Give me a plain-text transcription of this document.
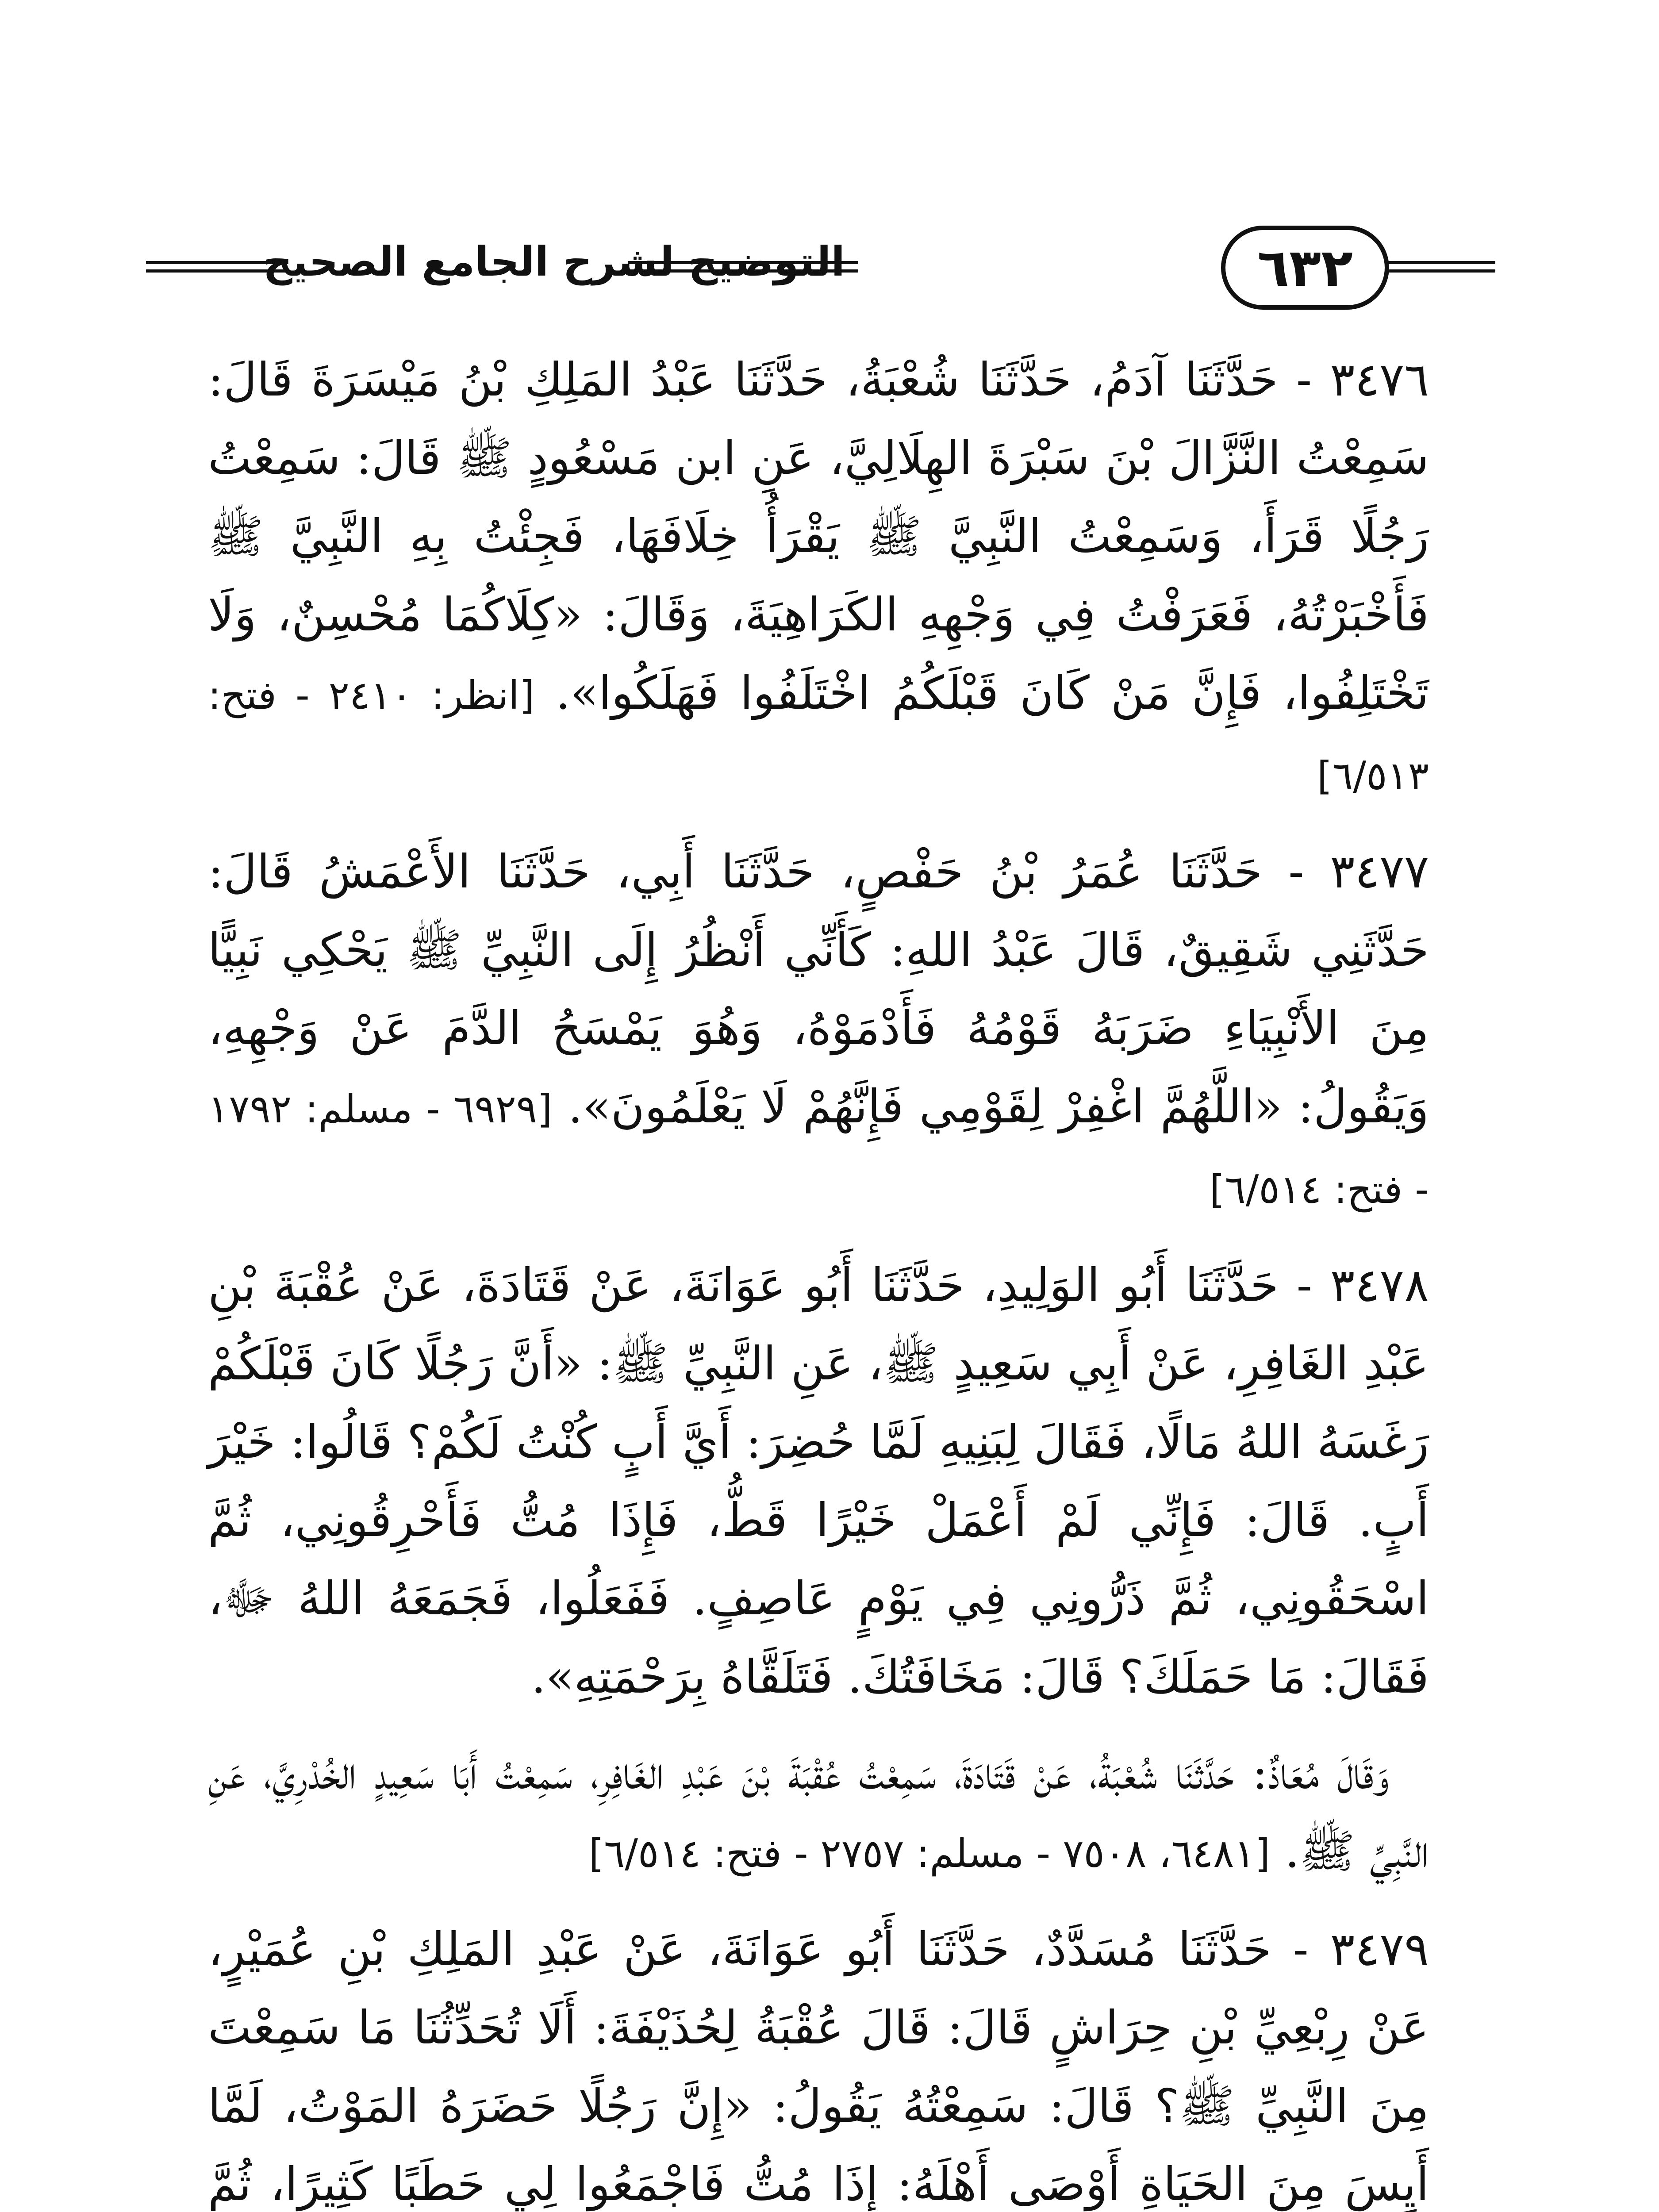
٦٣٢
التوضيح لشرح الجامع الصحيح

٣٤٧٦ - حَدَّثَنَا آدَمُ، حَدَّثَنَا شُعْبَةُ، حَدَّثَنَا عَبْدُ المَلِكِ بْنُ مَيْسَرَةَ قَالَ: سَمِعْتُ النَّزَّالَ بْنَ سَبْرَةَ الهِلَالِيَّ، عَنِ ابن مَسْعُودٍ ﷺ قَالَ: سَمِعْتُ رَجُلًا قَرَأَ، وَسَمِعْتُ النَّبِيَّ ﷺ يَقْرَأُ خِلَافَهَا، فَجِئْتُ بِهِ النَّبِيَّ ﷺ فَأَخْبَرْتُهُ، فَعَرَفْتُ فِي وَجْهِهِ الكَرَاهِيَةَ، وَقَالَ: «كِلَاكُمَا مُحْسِنٌ، وَلَا تَخْتَلِفُوا، فَإِنَّ مَنْ كَانَ قَبْلَكُمُ اخْتَلَفُوا فَهَلَكُوا». [انظر: ٢٤١٠ - فتح: ٦/٥١٣]

٣٤٧٧ - حَدَّثَنَا عُمَرُ بْنُ حَفْصٍ، حَدَّثَنَا أَبِي، حَدَّثَنَا الأَعْمَشُ قَالَ: حَدَّثَنِي شَقِيقٌ، قَالَ عَبْدُ اللهِ: كَأَنِّي أَنْظُرُ إِلَى النَّبِيِّ ﷺ يَحْكِي نَبِيًّا مِنَ الأَنْبِيَاءِ ضَرَبَهُ قَوْمُهُ فَأَدْمَوْهُ، وَهُوَ يَمْسَحُ الدَّمَ عَنْ وَجْهِهِ، وَيَقُولُ: «اللَّهُمَّ اغْفِرْ لِقَوْمِي فَإِنَّهُمْ لَا يَعْلَمُونَ». [٦٩٢٩ - مسلم: ١٧٩٢ - فتح: ٦/٥١٤]

٣٤٧٨ - حَدَّثَنَا أَبُو الوَلِيدِ، حَدَّثَنَا أَبُو عَوَانَةَ، عَنْ قَتَادَةَ، عَنْ عُقْبَةَ بْنِ عَبْدِ الغَافِرِ، عَنْ أَبِي سَعِيدٍ ﷺ، عَنِ النَّبِيِّ ﷺ: «أَنَّ رَجُلًا كَانَ قَبْلَكُمْ رَغَسَهُ اللهُ مَالًا، فَقَالَ لِبَنِيهِ لَمَّا حُضِرَ: أَيَّ أَبٍ كُنْتُ لَكُمْ؟ قَالُوا: خَيْرَ أَبٍ. قَالَ: فَإِنِّي لَمْ أَعْمَلْ خَيْرًا قَطُّ، فَإِذَا مُتُّ فَأَحْرِقُونِي، ثُمَّ اسْحَقُونِي، ثُمَّ ذَرُّونِي فِي يَوْمٍ عَاصِفٍ. فَفَعَلُوا، فَجَمَعَهُ اللهُ ﷻ، فَقَالَ: مَا حَمَلَكَ؟ قَالَ: مَخَافَتُكَ. فَتَلَقَّاهُ بِرَحْمَتِهِ».

وَقَالَ مُعَاذٌ: حَدَّثَنَا شُعْبَةُ، عَنْ قَتَادَةَ، سَمِعْتُ عُقْبَةَ بْنَ عَبْدِ الغَافِرِ، سَمِعْتُ أَبَا سَعِيدٍ الخُدْرِيَّ، عَنِ النَّبِيِّ ﷺ. [٦٤٨١، ٧٥٠٨ - مسلم: ٢٧٥٧ - فتح: ٦/٥١٤]

٣٤٧٩ - حَدَّثَنَا مُسَدَّدٌ، حَدَّثَنَا أَبُو عَوَانَةَ، عَنْ عَبْدِ المَلِكِ بْنِ عُمَيْرٍ، عَنْ رِبْعِيِّ بْنِ حِرَاشٍ قَالَ: قَالَ عُقْبَةُ لِحُذَيْفَةَ: أَلَا تُحَدِّثُنَا مَا سَمِعْتَ مِنَ النَّبِيِّ ﷺ؟ قَالَ: سَمِعْتُهُ يَقُولُ: «إِنَّ رَجُلًا حَضَرَهُ المَوْتُ، لَمَّا أَيِسَ مِنَ الحَيَاةِ أَوْصَى أَهْلَهُ: إِذَا مُتُّ فَاجْمَعُوا لِي حَطَبًا كَثِيرًا، ثُمَّ
